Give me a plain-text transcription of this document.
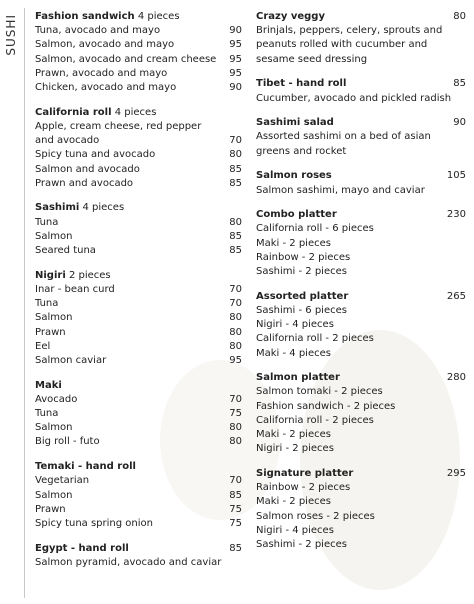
SUSHI	Fashion sandwich 4 pieces
Tuna, avocado and mayo	90
Salmon, avocado and mayo	95
Salmon, avocado and cream cheese	95
Prawn, avocado and mayo	95
Chicken, avocado and mayo	90
California roll 4 pieces
Apple, cream cheese, red pepper
and avocado	70
Spicy tuna and avocado	80
Salmon and avocado	85
Prawn and avocado	85
Sashimi 4 pieces
Tuna	80
Salmon	85
Seared tuna	85
Nigiri 2 pieces
Inar - bean curd	70
Tuna	70
Salmon	80
Prawn	80
Eel	80
Salmon caviar	95
Maki
Avocado	70
Tuna	75
Salmon	80
Big roll - futo	80
Temaki - hand roll
Vegetarian	70
Salmon	85
Prawn	75
Spicy tuna spring onion	75
Egypt - hand roll	85
Salmon pyramid, avocado and caviar
Crazy veggy	80
Brinjals, peppers, celery, sprouts and peanuts rolled with cucumber and sesame seed dressing
Tibet - hand roll	85
Cucumber, avocado and pickled radish
Sashimi salad	90
Assorted sashimi on a bed of asian greens and rocket
Salmon roses	105
Salmon sashimi, mayo and caviar
Combo platter	230
California roll - 6 pieces
Maki - 2 pieces
Rainbow - 2 pieces
Sashimi - 2 pieces
Assorted platter	265
Sashimi - 6 pieces
Nigiri - 4 pieces
California roll - 2 pieces
Maki - 4 pieces
Salmon platter	280
Salmon tomaki - 2 pieces
Fashion sandwich - 2 pieces
California roll - 2 pieces
Maki - 2 pieces
Nigiri - 2 pieces
Signature platter	295
Rainbow - 2 pieces
Maki - 2 pieces
Salmon roses - 2 pieces
Nigiri - 4 pieces
Sashimi - 2 pieces
